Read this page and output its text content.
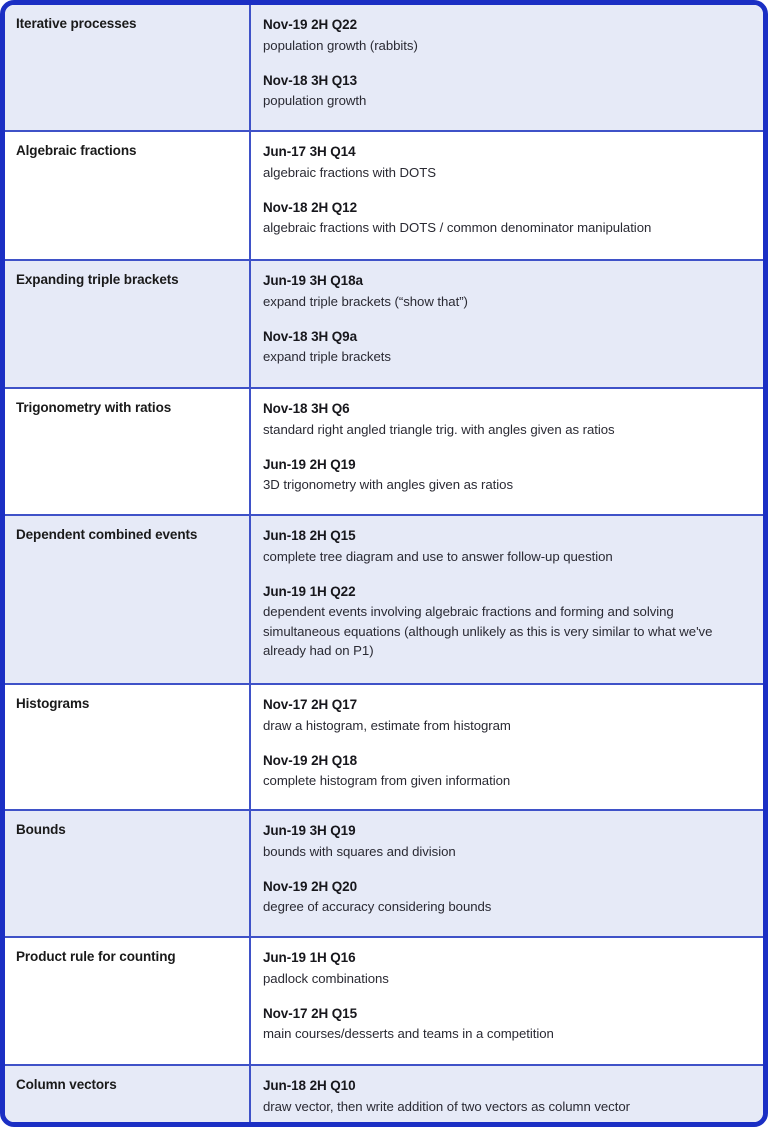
Iterative processes	Nov-19 2H Q22
population growth (rabbits)
Nov-18 3H Q13
population growth
Algebraic fractions	Jun-17 3H Q14
algebraic fractions with DOTS
Nov-18 2H Q12
algebraic fractions with DOTS / common denominator manipulation
Expanding triple brackets	Jun-19 3H Q18a
expand triple brackets (“show that”)
Nov-18 3H Q9a
expand triple brackets
Trigonometry with ratios	Nov-18 3H Q6
standard right angled triangle trig. with angles given as ratios
Jun-19 2H Q19
3D trigonometry with angles given as ratios
Dependent combined events	Jun-18 2H Q15
complete tree diagram and use to answer follow-up question
Jun-19 1H Q22
dependent events involving algebraic fractions and forming and solving simultaneous equations (although unlikely as this is very similar to what we've already had on P1)
Histograms	Nov-17 2H Q17
draw a histogram, estimate from histogram
Nov-19 2H Q18
complete histogram from given information
Bounds	Jun-19 3H Q19
bounds with squares and division
Nov-19 2H Q20
degree of accuracy considering bounds
Product rule for counting	Jun-19 1H Q16
padlock combinations
Nov-17 2H Q15
main courses/desserts and teams in a competition
Column vectors	Jun-18 2H Q10
draw vector, then write addition of two vectors as column vector
